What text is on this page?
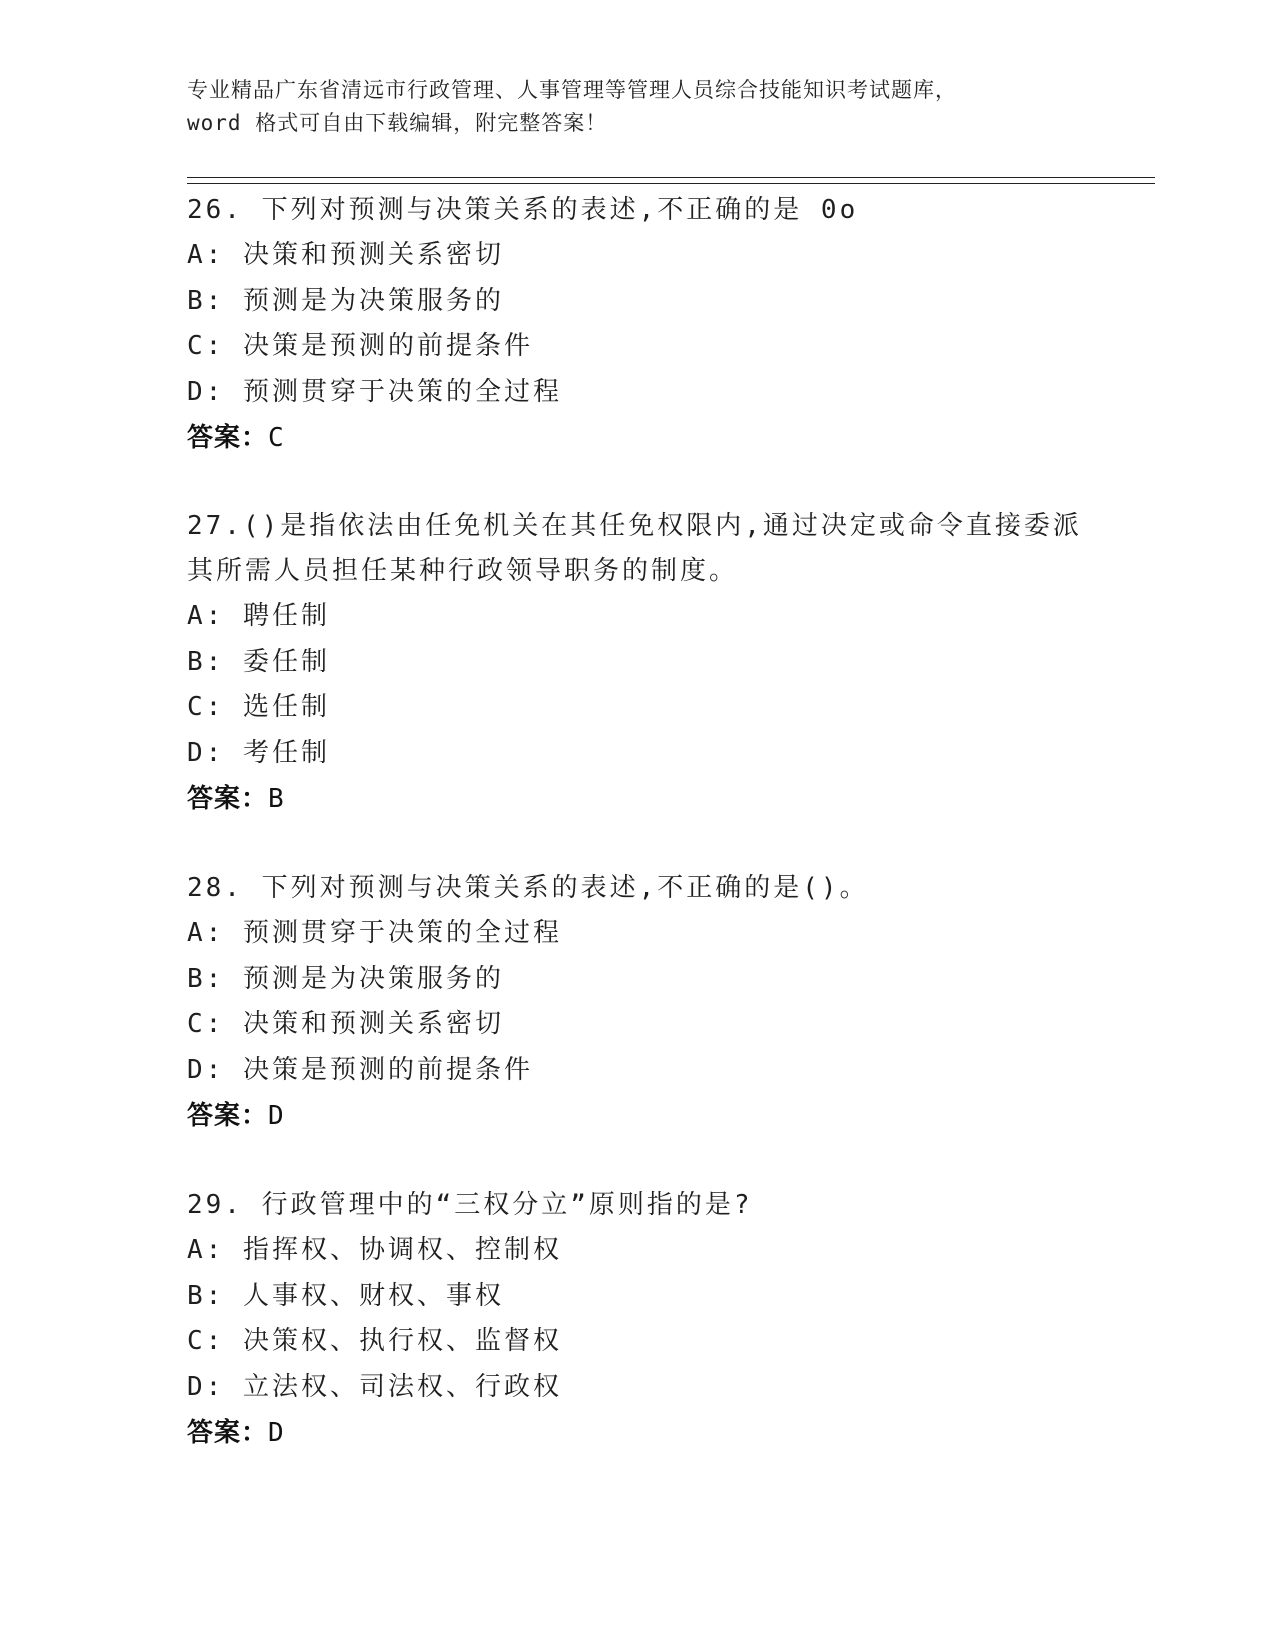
专业精品广东省清远市行政管理、人事管理等管理人员综合技能知识考试题库，
word 格式可自由下载编辑，附完整答案！

26. 下列对预测与决策关系的表述,不正确的是 0o

A: 决策和预测关系密切
B: 预测是为决策服务的
C: 决策是预测的前提条件
D: 预测贯穿于决策的全过程
答案：C

27.()是指依法由任免机关在其任免权限内,通过决定或命令直接委派
其所需人员担任某种行政领导职务的制度。

A: 聘任制
B: 委任制
C: 选任制
D: 考任制
答案：B

28. 下列对预测与决策关系的表述,不正确的是()。

A: 预测贯穿于决策的全过程
B: 预测是为决策服务的
C: 决策和预测关系密切
D: 决策是预测的前提条件
答案：D

29. 行政管理中的“三权分立”原则指的是?

A: 指挥权、协调权、控制权
B: 人事权、财权、事权
C: 决策权、执行权、监督权
D: 立法权、司法权、行政权
答案：D
